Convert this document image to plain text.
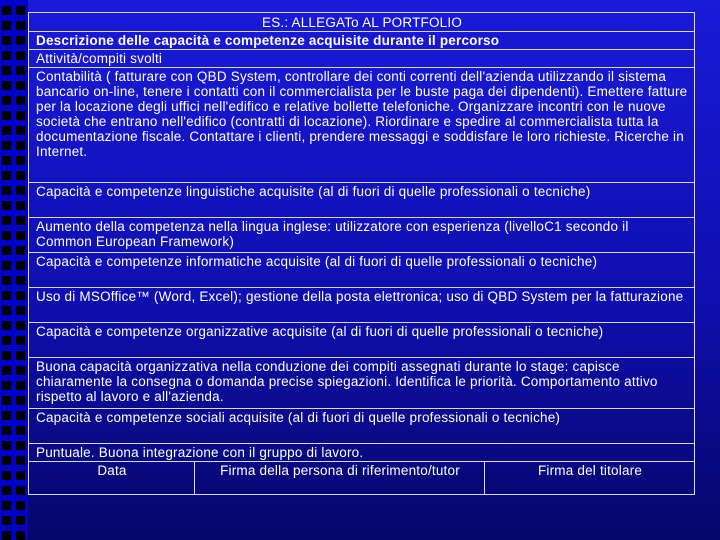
ES.: ALLEGATo AL PORTFOLIO
Descrizione delle capacità e competenze acquisite durante il percorso
Attività/compiti svolti
Contabilità ( fatturare con QBD System, controllare dei conti correnti dell'azienda utilizzando il sistema bancario on-line, tenere i contatti con il commercialista per le buste paga dei dipendenti). Emettere fatture per la locazione degli uffici nell'edifico e relative bollette telefoniche. Organizzare incontri con le nuove società che entrano nell'edifico (contratti di locazione). Riordinare e spedire al commercialista tutta la documentazione fiscale. Contattare i clienti, prendere messaggi e soddisfare le loro richieste. Ricerche in Internet.
Capacità e competenze linguistiche acquisite (al di fuori di quelle professionali o tecniche)
Aumento della competenza nella lingua inglese: utilizzatore con esperienza (livelloC1 secondo il Common European Framework)
Capacità e competenze informatiche acquisite (al di fuori di quelle professionali o tecniche)
Uso di MSOffice™ (Word, Excel); gestione della posta elettronica; uso di QBD System per la fatturazione
Capacità e competenze organizzative acquisite (al di fuori di quelle professionali o tecniche)
Buona capacità organizzativa nella conduzione dei compiti assegnati durante lo stage: capisce chiaramente la consegna o domanda precise spiegazioni. Identifica le priorità. Comportamento attivo rispetto al lavoro e all'azienda.
Capacità e competenze sociali acquisite (al di fuori di quelle professionali o tecniche)
Puntuale. Buona integrazione con il gruppo di lavoro.
Data	Firma della persona di riferimento/tutor	Firma del titolare
